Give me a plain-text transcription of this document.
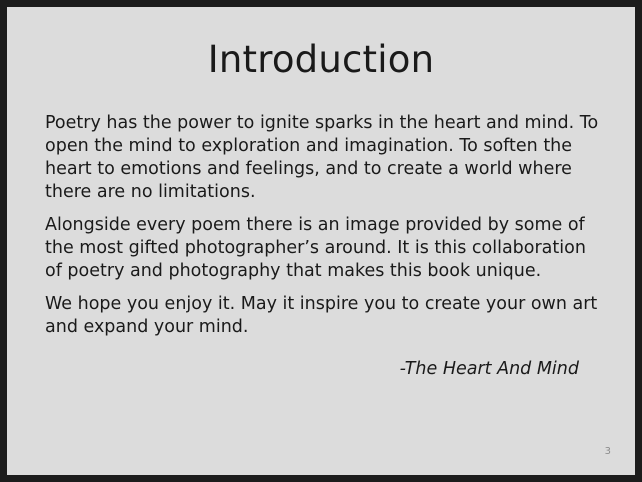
Introduction

Poetry has the power to ignite sparks in the heart and mind. To open the mind to exploration and imagination. To soften the heart to emotions and feelings, and to create a world where there are no limitations.

Alongside every poem there is an image provided by some of the most gifted photographer’s around. It is this collaboration of poetry and photography that makes this book unique.

We hope you enjoy it. May it inspire you to create your own art and expand your mind.

-The Heart And Mind
3
